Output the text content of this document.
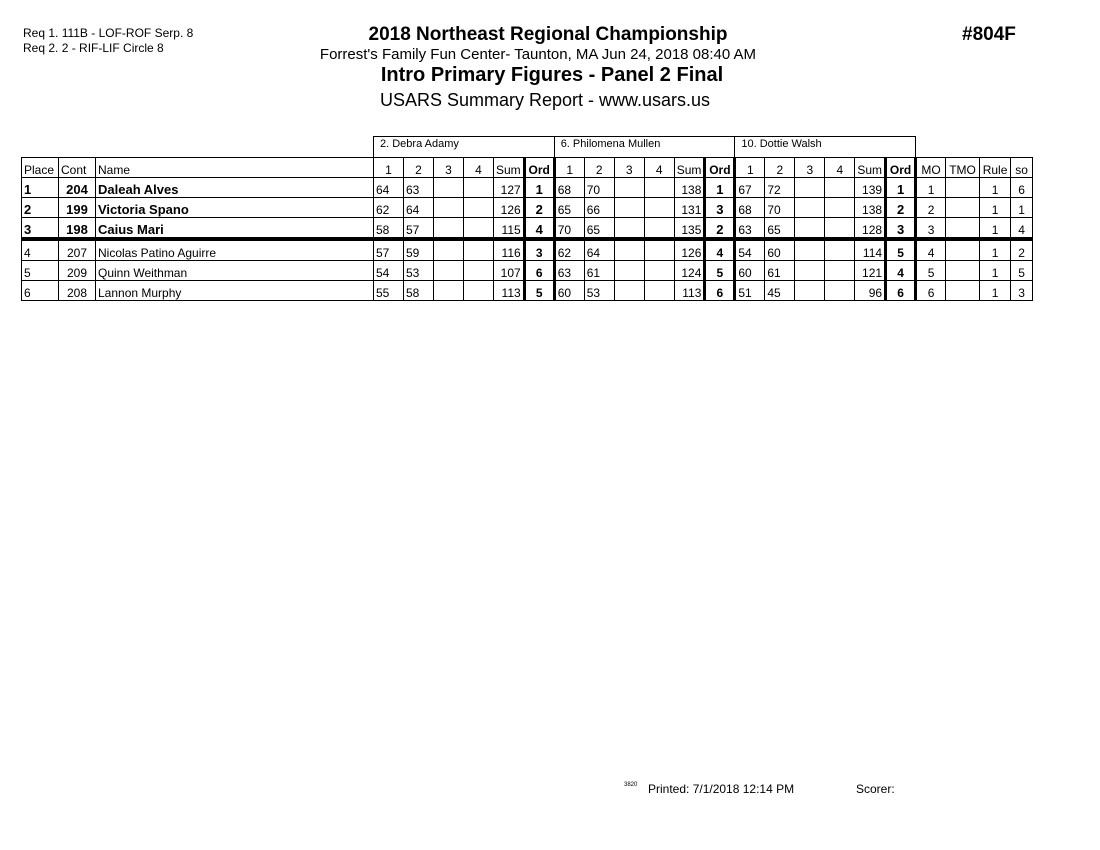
Req 1. 111B - LOF-ROF Serp. 8
Req 2. 2 - RIF-LIF Circle 8
2018 Northeast Regional Championship
Forrest's Family Fun Center- Taunton, MA Jun 24, 2018 08:40 AM
Intro Primary Figures - Panel 2 Final
USARS Summary Report - www.usars.us
#804F
			2. Debra Adamy						6. Philomena Mullen						10. Dottie Walsh									
Place	Cont	Name	1	2	3	4	Sum	Ord	1	2	3	4	Sum	Ord	1	2	3	4	Sum	Ord	MO	TMO	Rule	so
1	204	Daleah Alves	64	63			127	1	68	70			138	1	67	72			139	1	1		1	6
2	199	Victoria Spano	62	64			126	2	65	66			131	3	68	70			138	2	2		1	1
3	198	Caius Mari	58	57			115	4	70	65			135	2	63	65			128	3	3		1	4
4	207	Nicolas Patino Aguirre	57	59			116	3	62	64			126	4	54	60			114	5	4		1	2
5	209	Quinn Weithman	54	53			107	6	63	61			124	5	60	61			121	4	5		1	5
6	208	Lannon Murphy	55	58			113	5	60	53			113	6	51	45			96	6	6		1	3
3820 Printed: 7/1/2018 12:14 PM	Scorer:
